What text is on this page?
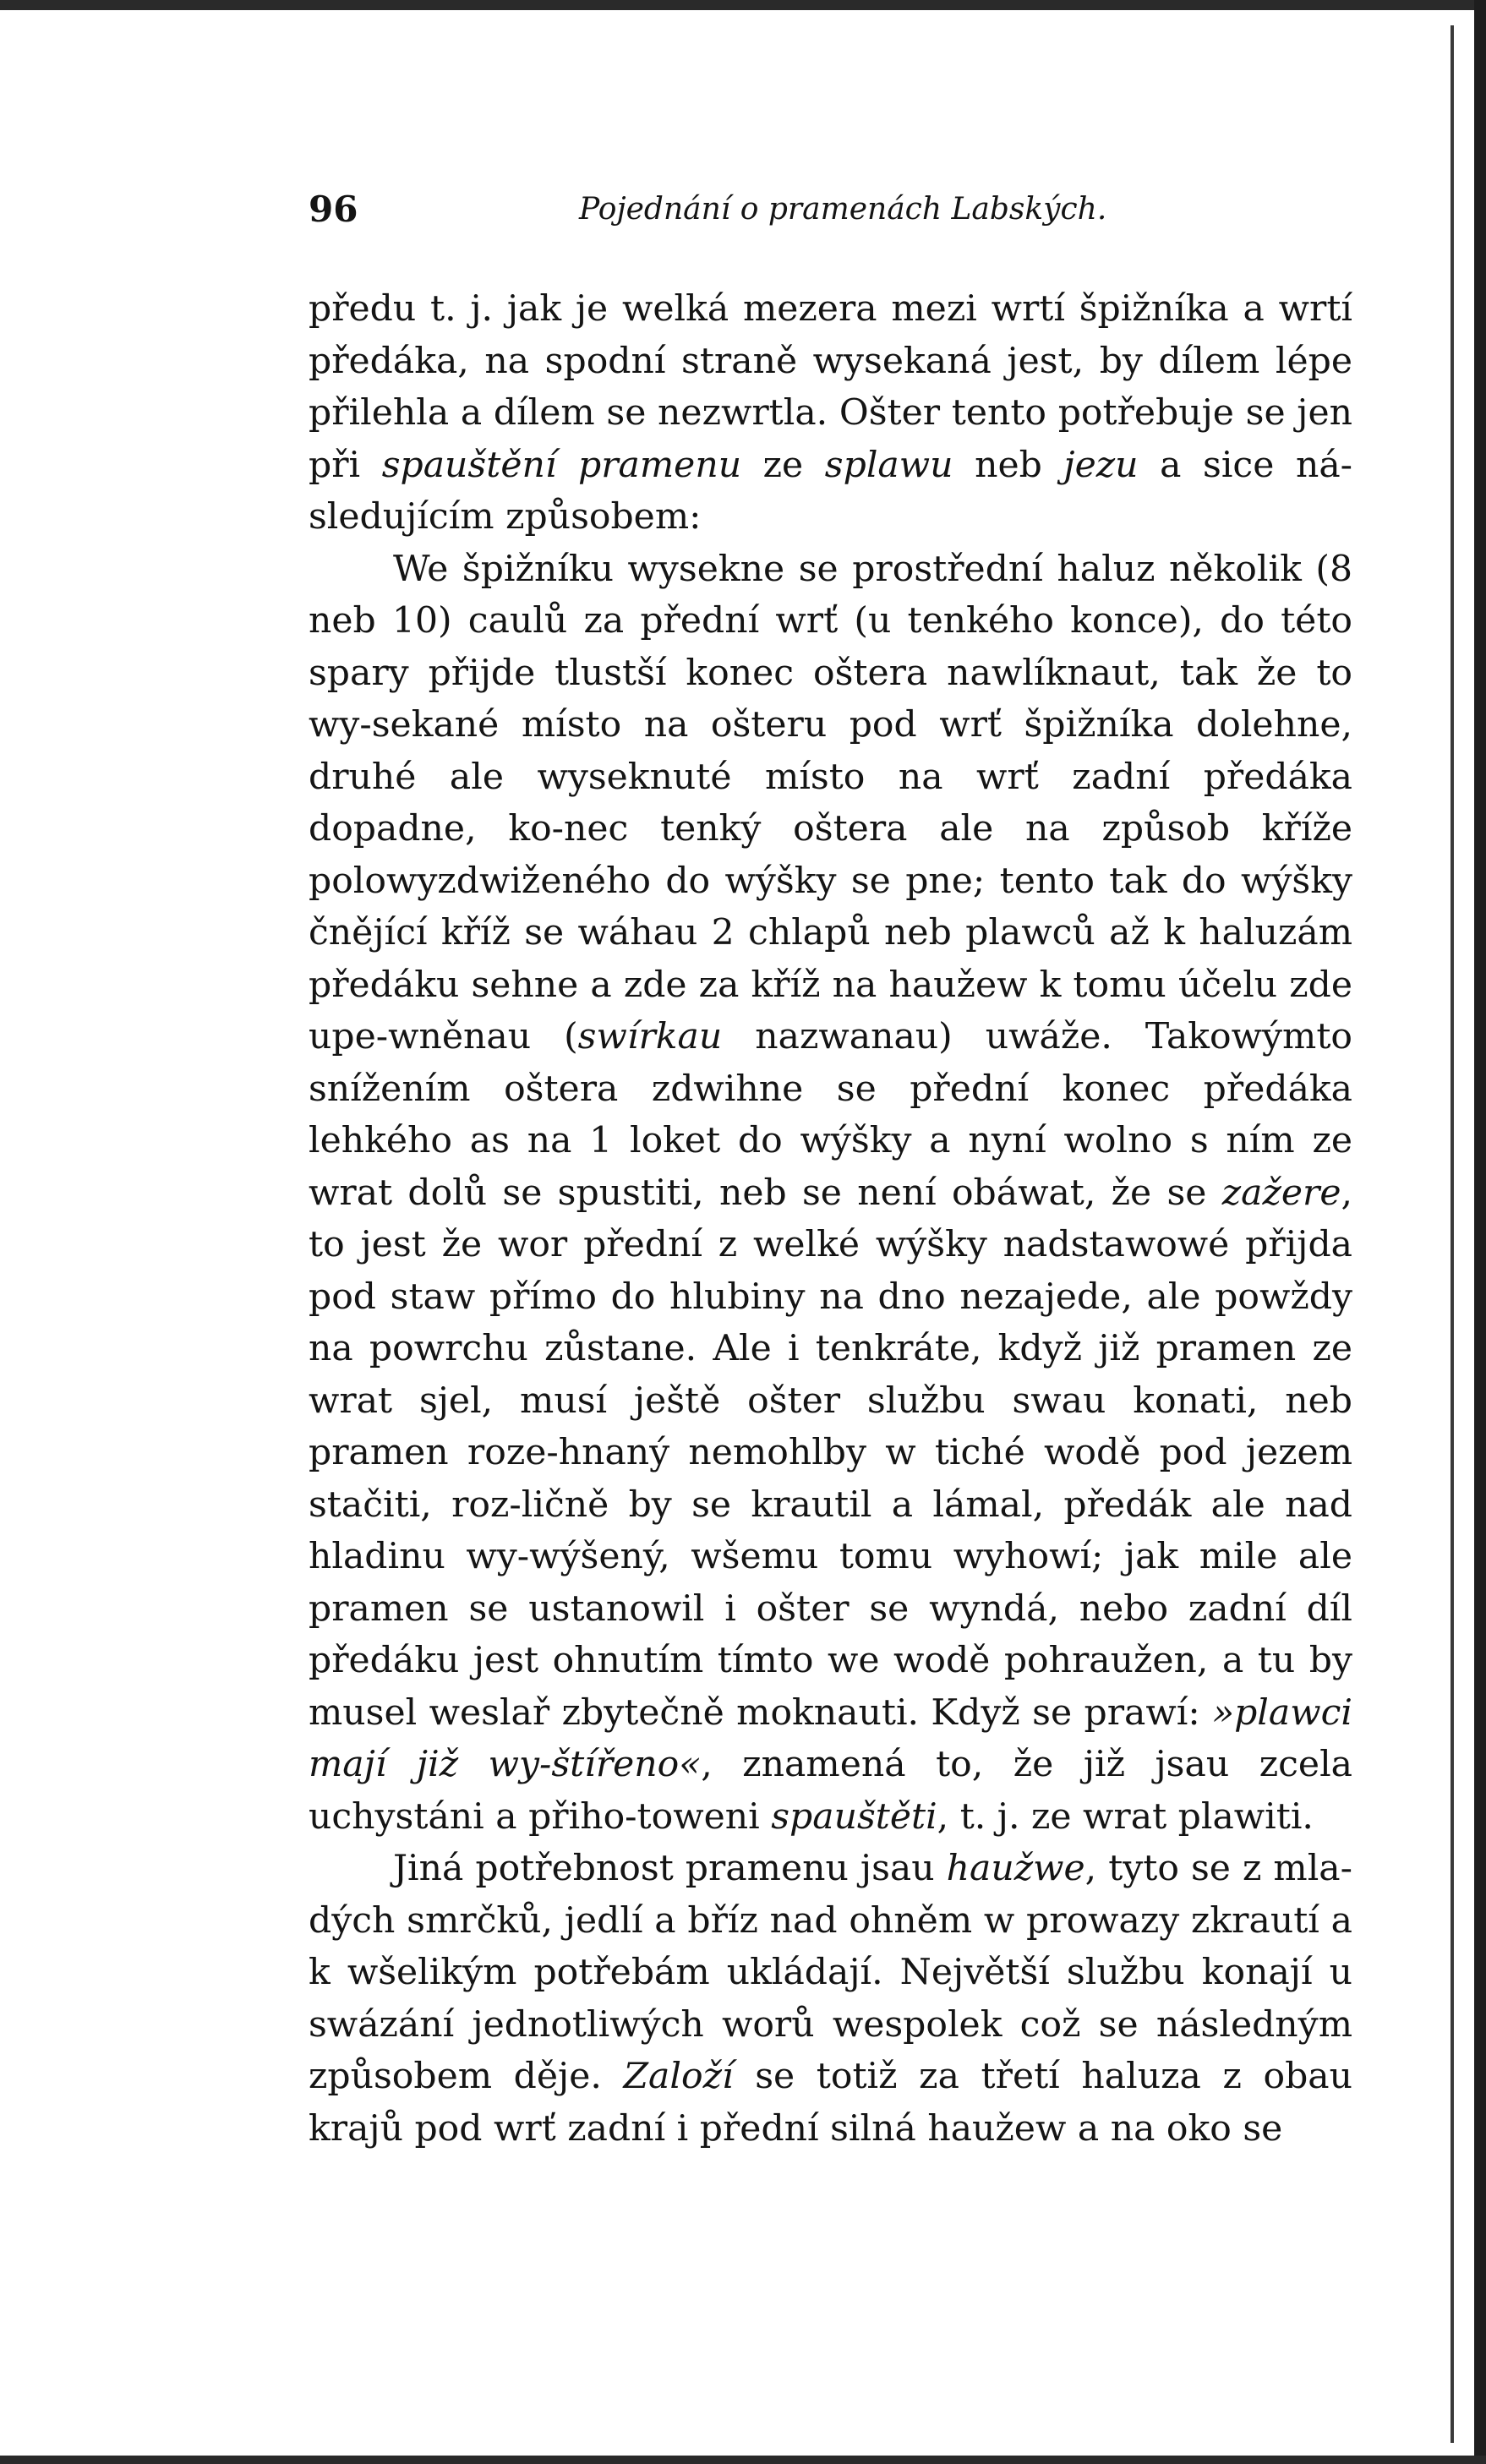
96	Pojednání o pramenách Labských.

předu t. j. jak je welká mezera mezi wrtí špižníka a wrtí předáka, na spodní straně wysekaná jest, by dílem lépe přilehla a dílem se nezwrtla. Ošter tento potřebuje se jen při spauštění pramenu ze splawu neb jezu a sice ná-sledujícím způsobem:

We špižníku wysekne se prostřední haluz několik (8 neb 10) caulů za přední wrť (u tenkého konce), do této spary přijde tlustší konec oštera nawlíknaut, tak že to wy-sekané místo na ošteru pod wrť špižníka dolehne, druhé ale wyseknuté místo na wrť zadní předáka dopadne, ko-nec tenký oštera ale na způsob kříže polowyzdwiženého do wýšky se pne; tento tak do wýšky čnějící kříž se wáhau 2 chlapů neb plawců až k haluzám předáku sehne a zde za kříž na haužew k tomu účelu zde upe-wněnau (swírkau nazwanau) uwáže. Takowýmto snížením oštera zdwihne se přední konec předáka lehkého as na 1 loket do wýšky a nyní wolno s ním ze wrat dolů se spustiti, neb se není obáwat, že se zažere, to jest že wor přední z welké wýšky nadstawowé přijda pod staw přímo do hlubiny na dno nezajede, ale powždy na powrchu zůstane. Ale i tenkráte, když již pramen ze wrat sjel, musí ještě ošter službu swau konati, neb pramen roze-hnaný nemohlby w tiché wodě pod jezem stačiti, roz-ličně by se krautil a lámal, předák ale nad hladinu wy-wýšený, wšemu tomu wyhowí; jak mile ale pramen se ustanowil i ošter se wyndá, nebo zadní díl předáku jest ohnutím tímto we wodě pohraužen, a tu by musel weslař zbytečně moknauti. Když se prawí: »plawci mají již wy-štířeno«, znamená to, že již jsau zcela uchystáni a přiho-toweni spauštěti, t. j. ze wrat plawiti.

Jiná potřebnost pramenu jsau haužwe, tyto se z mla-dých smrčků, jedlí a bříz nad ohněm w prowazy zkrautí a k wšelikým potřebám ukládají. Největší službu konají u swázání jednotliwých worů wespolek což se následným způsobem děje. Založí se totiž za třetí haluza z obau krajů pod wrť zadní i přední silná haužew a na oko se
